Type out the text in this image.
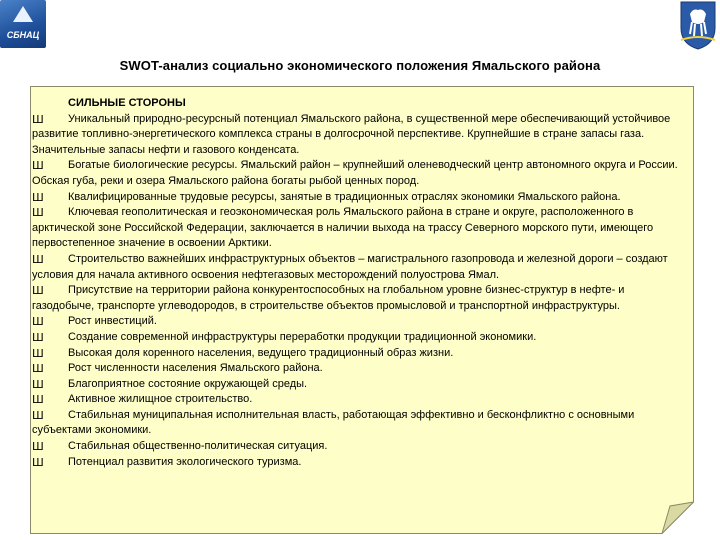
СБНАЦ
SWOT-анализ социально экономического положения Ямальского района
СИЛЬНЫЕ СТОРОНЫ
Ш	Уникальный природно-ресурсный потенциал Ямальского района, в существенной мере обеспечивающий устойчивое развитие топливно-энергетического комплекса страны в долгосрочной перспективе. Крупнейшие в стране запасы газа. Значительные запасы нефти и газового конденсата.
Ш	Богатые биологические ресурсы. Ямальский район – крупнейший оленеводческий центр автономного округа и России. Обская губа, реки и озера Ямальского района богаты рыбой ценных пород.
Ш	Квалифицированные трудовые ресурсы, занятые в традиционных отраслях экономики Ямальского района.
Ш	Ключевая геополитическая и геоэкономическая роль Ямальского района в стране и округе, расположенного в арктической зоне Российской Федерации, заключается в наличии выхода на трассу Северного морского пути, имеющего первостепенное значение в освоении Арктики.
Ш	Строительство важнейших инфраструктурных объектов – магистрального газопровода и железной дороги – создают условия для начала активного освоения нефтегазовых месторождений полуострова Ямал.
Ш	Присутствие на территории района конкурентоспособных на глобальном уровне бизнес-структур в нефте- и газодобыче, транспорте углеводородов, в строительстве объектов промысловой и транспортной инфраструктуры.
Ш	Рост инвестиций.
Ш	Создание современной инфраструктуры переработки продукции традиционной экономики.
Ш	Высокая доля коренного населения, ведущего традиционный образ жизни.
Ш	Рост численности населения Ямальского района.
Ш	Благоприятное состояние окружающей среды.
Ш	Активное жилищное строительство.
Ш	Стабильная муниципальная исполнительная власть, работающая эффективно и бесконфликтно с основными субъектами экономики.
Ш	Стабильная общественно-политическая ситуация.
Ш	Потенциал развития экологического туризма.
